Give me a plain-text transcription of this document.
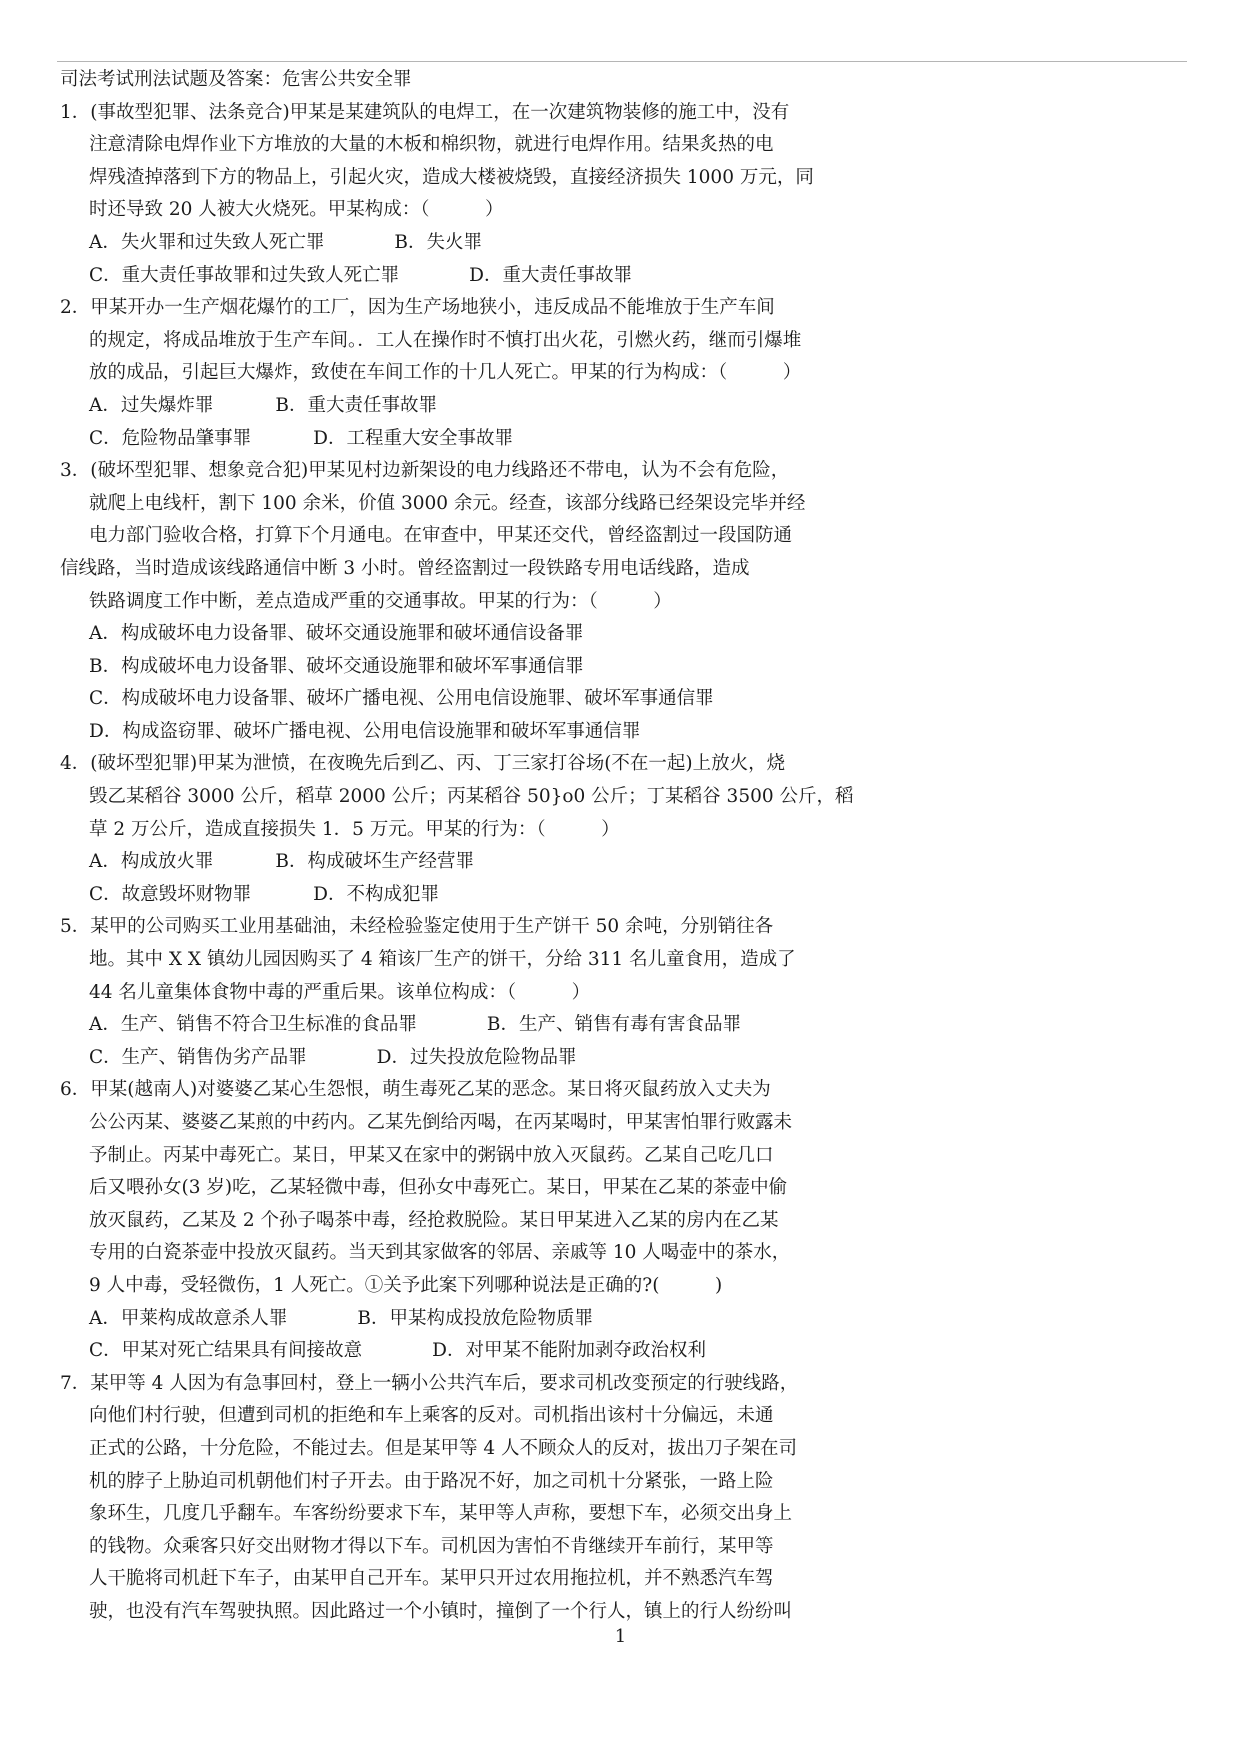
司法考试刑法试题及答案：危害公共安全罪
1．(事故型犯罪、法条竞合)甲某是某建筑队的电焊工，在一次建筑物装修的施工中，没有
注意清除电焊作业下方堆放的大量的木板和棉织物，就进行电焊作用。结果炙热的电
焊残渣掉落到下方的物品上，引起火灾，造成大楼被烧毁，直接经济损失 1000 万元，同
时还导致 20 人被大火烧死。甲某构成：（　　　）
A．失火罪和过失致人死亡罪	B．失火罪
C．重大责任事故罪和过失致人死亡罪	D．重大责任事故罪
2．甲某开办一生产烟花爆竹的工厂，因为生产场地狭小，违反成品不能堆放于生产车间
的规定，将成品堆放于生产车间。．工人在操作时不慎打出火花，引燃火药，继而引爆堆
放的成品，引起巨大爆炸，致使在车间工作的十几人死亡。甲某的行为构成：（　　　）
A．过失爆炸罪	B．重大责任事故罪
C．危险物品肇事罪	D．工程重大安全事故罪
3．(破坏型犯罪、想象竞合犯)甲某见村边新架设的电力线路还不带电，认为不会有危险，
就爬上电线杆，割下 100 余米，价值 3000 余元。经查，该部分线路已经架设完毕并经
电力部门验收合格，打算下个月通电。在审查中，甲某还交代，曾经盗割过一段国防通
信线路，当时造成该线路通信中断 3 小时。曾经盗割过一段铁路专用电话线路，造成
铁路调度工作中断，差点造成严重的交通事故。甲某的行为：（　　　）
A．构成破坏电力设备罪、破坏交通设施罪和破坏通信设备罪
B．构成破坏电力设备罪、破坏交通设施罪和破坏军事通信罪
C．构成破坏电力设备罪、破坏广播电视、公用电信设施罪、破坏军事通信罪
D．构成盗窃罪、破坏广播电视、公用电信设施罪和破坏军事通信罪
4．(破坏型犯罪)甲某为泄愤，在夜晚先后到乙、丙、丁三家打谷场(不在一起)上放火，烧
毁乙某稻谷 3000 公斤，稻草 2000 公斤；丙某稻谷 50}o0 公斤；丁某稻谷 3500 公斤，稻
草 2 万公斤，造成直接损失 1．5 万元。甲某的行为：（　　　）
A．构成放火罪	B．构成破坏生产经营罪
C．故意毁坏财物罪	D．不构成犯罪
5．某甲的公司购买工业用基础油，未经检验鉴定使用于生产饼干 50 余吨，分别销往各
地。其中 X X 镇幼儿园因购买了 4 箱该厂生产的饼干，分给 311 名儿童食用，造成了
44 名儿童集体食物中毒的严重后果。该单位构成：（　　　）
A．生产、销售不符合卫生标准的食品罪	B．生产、销售有毒有害食品罪
C．生产、销售伪劣产品罪	D．过失投放危险物品罪
6．甲某(越南人)对婆婆乙某心生怨恨，萌生毒死乙某的恶念。某日将灭鼠药放入丈夫为
公公丙某、婆婆乙某煎的中药内。乙某先倒给丙喝，在丙某喝时，甲某害怕罪行败露未
予制止。丙某中毒死亡。某日，甲某又在家中的粥锅中放入灭鼠药。乙某自己吃几口
后又喂孙女(3 岁)吃，乙某轻微中毒，但孙女中毒死亡。某日，甲某在乙某的茶壶中偷
放灭鼠药，乙某及 2 个孙子喝茶中毒，经抢救脱险。某日甲某进入乙某的房内在乙某
专用的白瓷茶壶中投放灭鼠药。当天到其家做客的邻居、亲戚等 10 人喝壶中的茶水，
9 人中毒，受轻微伤，1 人死亡。①关予此案下列哪种说法是正确的?(　　　)
A．甲莱构成故意杀人罪	B．甲某构成投放危险物质罪
C．甲某对死亡结果具有间接故意	D．对甲某不能附加剥夺政治权利
7．某甲等 4 人因为有急事回村，登上一辆小公共汽车后，要求司机改变预定的行驶线路，
向他们村行驶，但遭到司机的拒绝和车上乘客的反对。司机指出该村十分偏远，未通
正式的公路，十分危险，不能过去。但是某甲等 4 人不顾众人的反对，拔出刀子架在司
机的脖子上胁迫司机朝他们村子开去。由于路况不好，加之司机十分紧张，一路上险
象环生，几度几乎翻车。车客纷纷要求下车，某甲等人声称，要想下车，必须交出身上
的钱物。众乘客只好交出财物才得以下车。司机因为害怕不肯继续开车前行，某甲等
人干脆将司机赶下车子，由某甲自己开车。某甲只开过农用拖拉机，并不熟悉汽车驾
驶，也没有汽车驾驶执照。因此路过一个小镇时，撞倒了一个行人，镇上的行人纷纷叫
1
